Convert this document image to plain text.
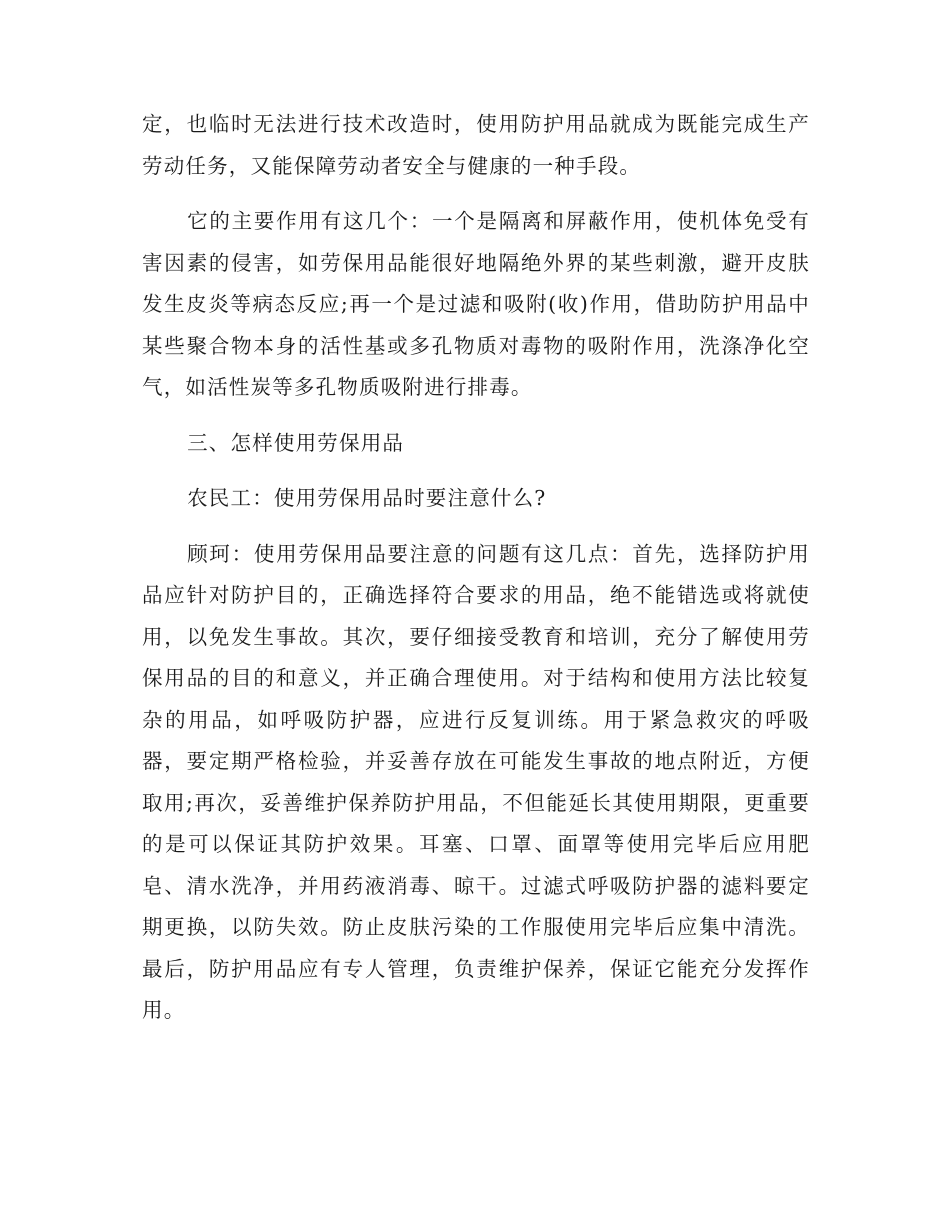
定，也临时无法进行技术改造时，使用防护用品就成为既能完成生产劳动任务，又能保障劳动者安全与健康的一种手段。

它的主要作用有这几个：一个是隔离和屏蔽作用，使机体免受有害因素的侵害，如劳保用品能很好地隔绝外界的某些刺激，避开皮肤发生皮炎等病态反应;再一个是过滤和吸附(收)作用，借助防护用品中某些聚合物本身的活性基或多孔物质对毒物的吸附作用，洗涤净化空气，如活性炭等多孔物质吸附进行排毒。

三、怎样使用劳保用品

农民工：使用劳保用品时要注意什么?

顾珂：使用劳保用品要注意的问题有这几点：首先，选择防护用品应针对防护目的，正确选择符合要求的用品，绝不能错选或将就使用，以免发生事故。其次，要仔细接受教育和培训，充分了解使用劳保用品的目的和意义，并正确合理使用。对于结构和使用方法比较复杂的用品，如呼吸防护器，应进行反复训练。用于紧急救灾的呼吸器，要定期严格检验，并妥善存放在可能发生事故的地点附近，方便取用;再次，妥善维护保养防护用品，不但能延长其使用期限，更重要的是可以保证其防护效果。耳塞、口罩、面罩等使用完毕后应用肥皂、清水洗净，并用药液消毒、晾干。过滤式呼吸防护器的滤料要定期更换，以防失效。防止皮肤污染的工作服使用完毕后应集中清洗。最后，防护用品应有专人管理，负责维护保养，保证它能充分发挥作用。
